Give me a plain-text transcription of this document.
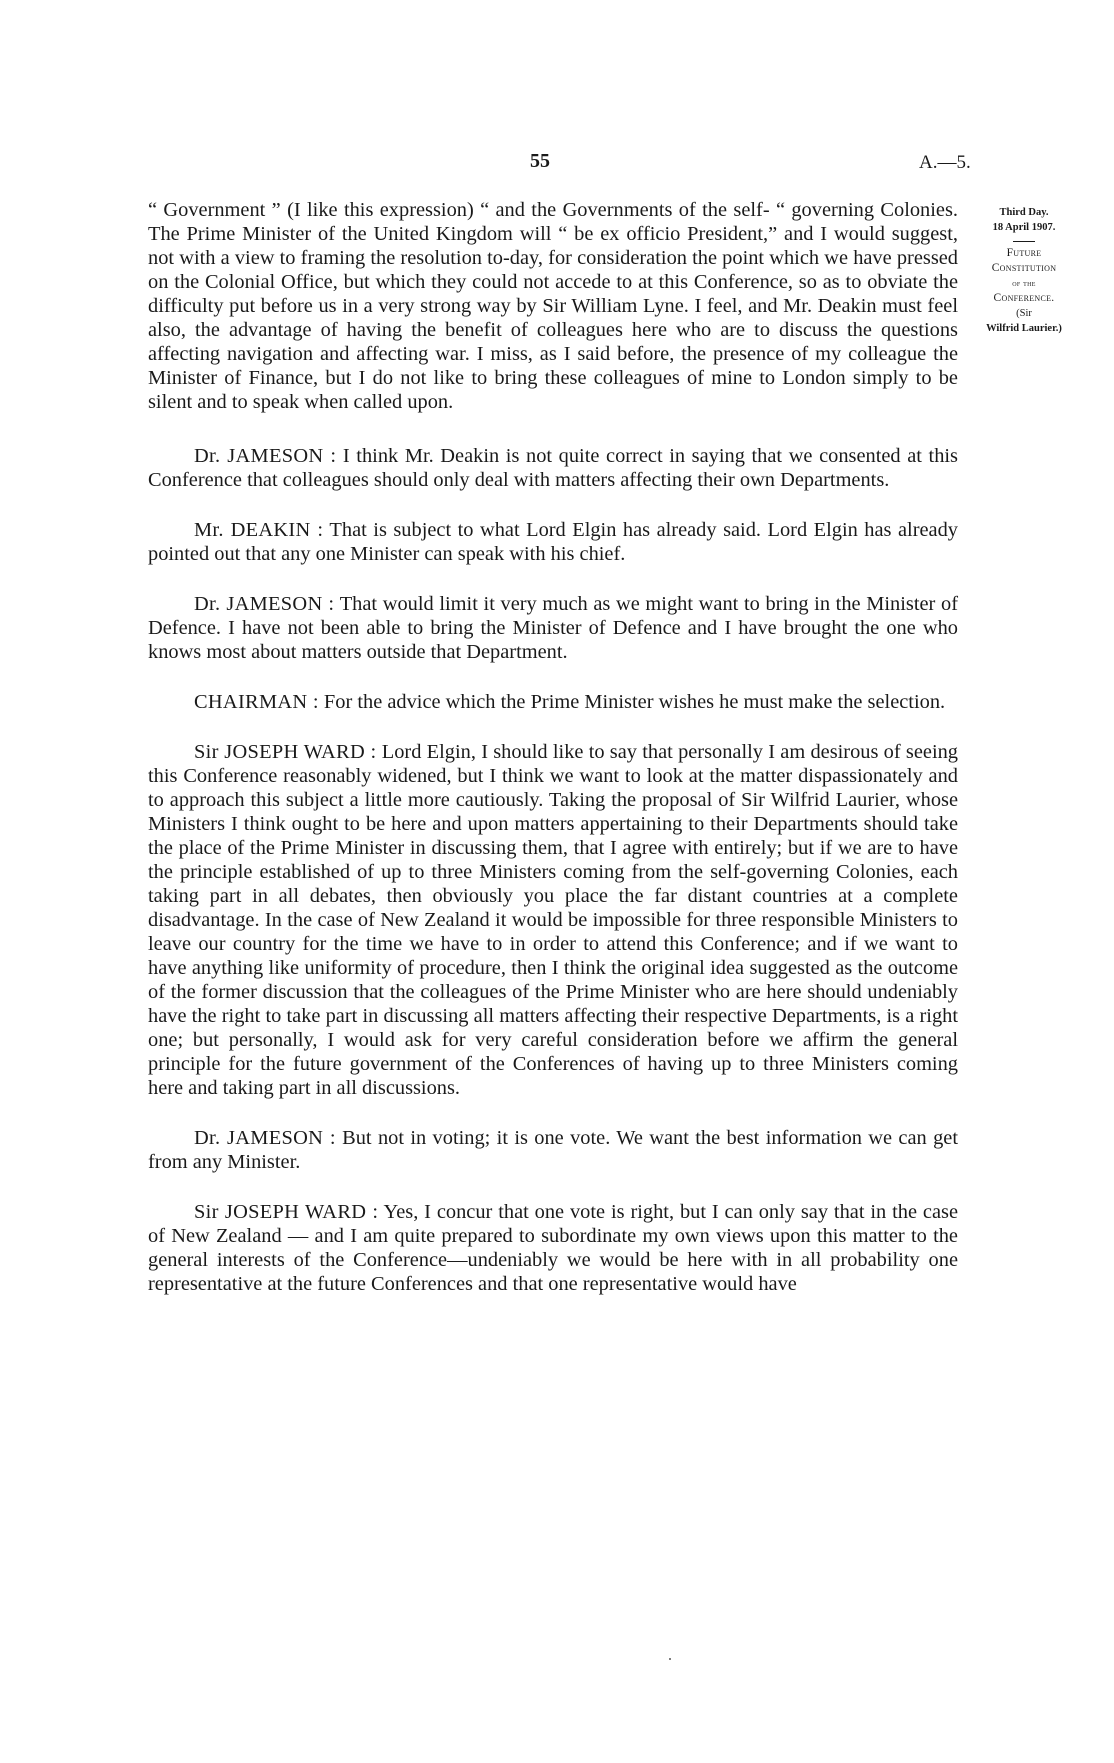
55	A.—5.
Third Day.
18 April 1907.
Future
Constitution
of the
Conference.
(Sir
Wilfrid Laurier.)

“ Government ” (I like this expression) “ and the Governments of the self- “ governing Colonies. The Prime Minister of the United Kingdom will “ be ex officio President,” and I would suggest, not with a view to framing the resolution to-day, for consideration the point which we have pressed on the Colonial Office, but which they could not accede to at this Conference, so as to obviate the difficulty put before us in a very strong way by Sir William Lyne. I feel, and Mr. Deakin must feel also, the advantage of having the benefit of colleagues here who are to discuss the questions affecting navigation and affecting war. I miss, as I said before, the presence of my colleague the Minister of Finance, but I do not like to bring these colleagues of mine to London simply to be silent and to speak when called upon.

Dr. JAMESON : I think Mr. Deakin is not quite correct in saying that we consented at this Conference that colleagues should only deal with matters affecting their own Departments.

Mr. DEAKIN : That is subject to what Lord Elgin has already said. Lord Elgin has already pointed out that any one Minister can speak with his chief.

Dr. JAMESON : That would limit it very much as we might want to bring in the Minister of Defence. I have not been able to bring the Minister of Defence and I have brought the one who knows most about matters outside that Department.

CHAIRMAN : For the advice which the Prime Minister wishes he must make the selection.

Sir JOSEPH WARD : Lord Elgin, I should like to say that personally I am desirous of seeing this Conference reasonably widened, but I think we want to look at the matter dispassionately and to approach this subject a little more cautiously. Taking the proposal of Sir Wilfrid Laurier, whose Ministers I think ought to be here and upon matters appertaining to their Departments should take the place of the Prime Minister in discussing them, that I agree with entirely; but if we are to have the principle established of up to three Ministers coming from the self-governing Colonies, each taking part in all debates, then obviously you place the far distant countries at a complete disadvantage. In the case of New Zealand it would be impossible for three responsible Ministers to leave our country for the time we have to in order to attend this Conference; and if we want to have anything like uniformity of procedure, then I think the original idea suggested as the outcome of the former discussion that the colleagues of the Prime Minister who are here should undeniably have the right to take part in discussing all matters affecting their respective Departments, is a right one; but personally, I would ask for very careful consideration before we affirm the general principle for the future government of the Conferences of having up to three Ministers coming here and taking part in all discussions.

Dr. JAMESON : But not in voting; it is one vote. We want the best information we can get from any Minister.

Sir JOSEPH WARD : Yes, I concur that one vote is right, but I can only say that in the case of New Zealand — and I am quite prepared to subordinate my own views upon this matter to the general interests of the Conference—undeniably we would be here with in all probability one representative at the future Conferences and that one representative would have
